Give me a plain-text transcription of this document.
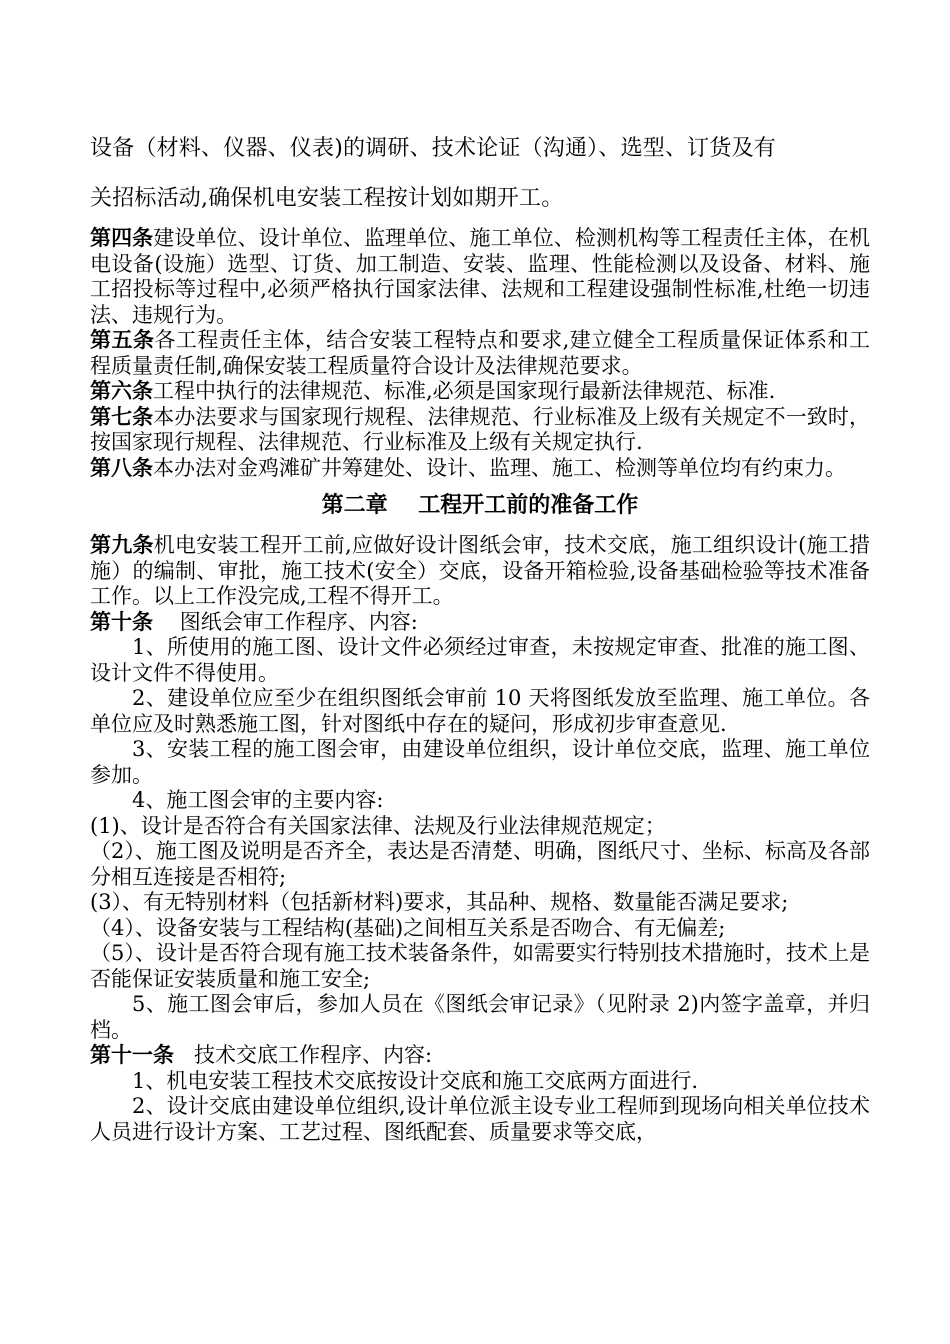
设备（材料、仪器、仪表)的调研、技术论证（沟通）、选型、订货及有

关招标活动,确保机电安装工程按计划如期开工。

第四条建设单位、设计单位、监理单位、施工单位、检测机构等工程责任主体，在机电设备(设施）选型、订货、加工制造、安装、监理、性能检测以及设备、材料、施工招投标等过程中,必须严格执行国家法律、法规和工程建设强制性标准,杜绝一切违法、违规行为。

第五条各工程责任主体，结合安装工程特点和要求,建立健全工程质量保证体系和工程质量责任制,确保安装工程质量符合设计及法律规范要求。

第六条工程中执行的法律规范、标准,必须是国家现行最新法律规范、标准.

第七条本办法要求与国家现行规程、法律规范、行业标准及上级有关规定不一致时，按国家现行规程、法律规范、行业标准及上级有关规定执行.

第八条本办法对金鸡滩矿井筹建处、设计、监理、施工、检测等单位均有约束力。

第二章    工程开工前的准备工作

第九条机电安装工程开工前,应做好设计图纸会审，技术交底，施工组织设计(施工措施）的编制、审批，施工技术(安全）交底，设备开箱检验,设备基础检验等技术准备工作。以上工作没完成,工程不得开工。

第十条    图纸会审工作程序、内容:

1、所使用的施工图、设计文件必须经过审查，未按规定审查、批准的施工图、设计文件不得使用。

2、建设单位应至少在组织图纸会审前 10 天将图纸发放至监理、施工单位。各单位应及时熟悉施工图，针对图纸中存在的疑问，形成初步审查意见.

3、安装工程的施工图会审，由建设单位组织，设计单位交底，监理、施工单位参加。

4、施工图会审的主要内容:

(1)、设计是否符合有关国家法律、法规及行业法律规范规定；

（2）、施工图及说明是否齐全，表达是否清楚、明确，图纸尺寸、坐标、标高及各部分相互连接是否相符;

(3）、有无特别材料（包括新材料)要求，其品种、规格、数量能否满足要求;

（4）、设备安装与工程结构(基础)之间相互关系是否吻合、有无偏差;

（5）、设计是否符合现有施工技术装备条件，如需要实行特别技术措施时，技术上是否能保证安装质量和施工安全;

5、施工图会审后，参加人员在《图纸会审记录》（见附录 2)内签字盖章，并归档。

第十一条   技术交底工作程序、内容:

1、机电安装工程技术交底按设计交底和施工交底两方面进行.

2、设计交底由建设单位组织,设计单位派主设专业工程师到现场向相关单位技术人员进行设计方案、工艺过程、图纸配套、质量要求等交底，
